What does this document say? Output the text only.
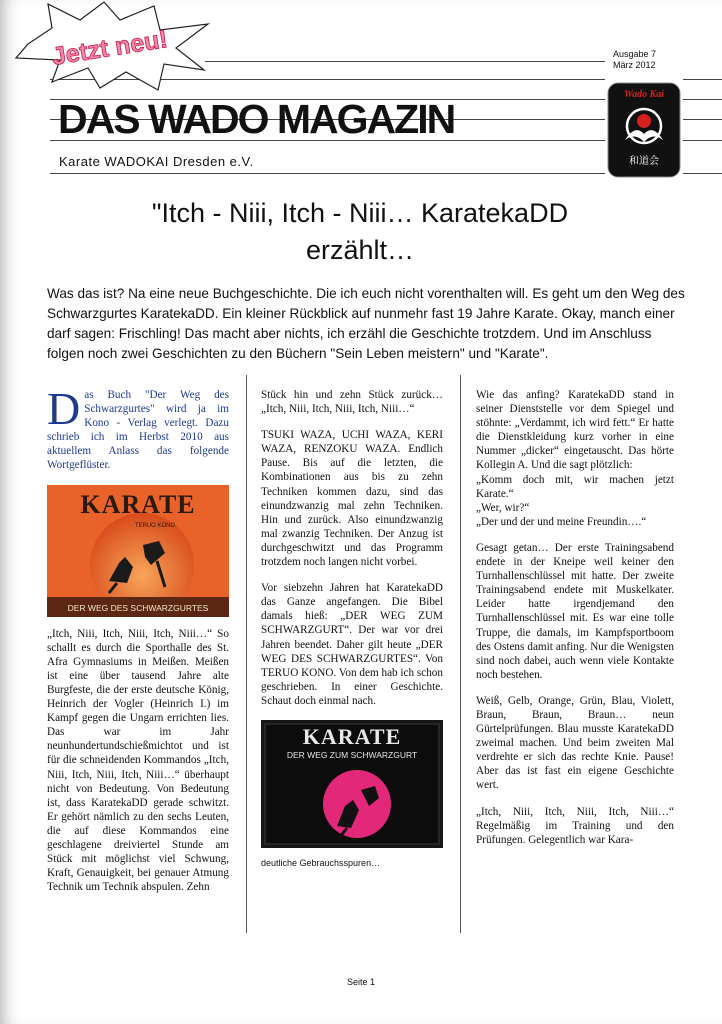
Jetzt neu!	Ausgabe 7
März 2012
DAS WADO MAGAZIN
Karate WADOKAI Dresden e.V.
Wado Kai
和道会
"Itch - Niii, Itch - Niii… KaratekaDD
erzählt…
Was das ist? Na eine neue Buchgeschichte. Die ich euch nicht vorenthalten will. Es geht um den Weg des Schwarzgurtes KaratekaDD. Ein kleiner Rückblick auf nunmehr fast 19 Jahre Karate. Okay, manch einer darf sagen: Frischling! Das macht aber nichts, ich erzähl die Geschichte trotzdem. Und im Anschluss folgen noch zwei Geschichten zu den Büchern "Sein Leben meistern" und "Karate".

Das Buch "Der Weg des Schwarzgurtes" wird ja im Kono - Verlag verlegt. Dazu schrieb ich im Herbst 2010 aus aktuellem Anlass das folgende Wortgeflüster.

KARATE
TERUO KONO
DER WEG DES SCHWARZGURTES

„Itch, Niii, Itch, Niii, Itch, Niii…“ So schallt es durch die Sporthalle des St. Afra Gymnasiums in Meißen. Meißen ist eine über tausend Jahre alte Burgfeste, die der erste deutsche König, Heinrich der Vogler (Heinrich I.) im Kampf gegen die Ungarn errichten lies. Das war im Jahr neunhundertundschießmichtot und ist für die schneidenden Kommandos „Itch, Niii, Itch, Niii, Itch, Niii…“ überhaupt nicht von Bedeutung. Von Bedeutung ist, dass KaratekaDD gerade schwitzt. Er gehört nämlich zu den sechs Leuten, die auf diese Kommandos eine geschlagene dreiviertel Stunde am Stück mit möglichst viel Schwung, Kraft, Genauigkeit, bei genauer Atmung Technik um Technik abspulen. Zehn

Stück hin und zehn Stück zurück… „Itch, Niii, Itch, Niii, Itch, Niii…“

TSUKI WAZA, UCHI WAZA, KERI WAZA, RENZOKU WAZA. Endlich Pause. Bis auf die letzten, die Kombinationen aus bis zu zehn Techniken kommen dazu, sind das einundzwanzig mal zehn Techniken. Hin und zurück. Also einundzwanzig mal zwanzig Techniken. Der Anzug ist durchgeschwitzt und das Programm trotzdem noch langen nicht vorbei.

Vor siebzehn Jahren hat KaratekaDD das Ganze angefangen. Die Bibel damals hieß: „DER WEG ZUM SCHWARZGURT“. Der war vor drei Jahren beendet. Daher gilt heute „DER WEG DES SCHWARZGURTES“. Von TERUO KONO. Von dem hab ich schon geschrieben. In einer Geschichte. Schaut doch einmal nach.

KARATE
DER WEG ZUM SCHWARZGURT
deutliche Gebrauchsspuren…

Wie das anfing? KaratekaDD stand in seiner Dienststelle vor dem Spiegel und stöhnte: „Verdammt, ich wird fett.“ Er hatte die Dienstkleidung kurz vorher in eine Nummer „dicker“ eingetauscht. Das hörte Kollegin A. Und die sagt plötzlich:

„Komm doch mit, wir machen jetzt Karate.“

„Wer, wir?“

„Der und der und meine Freundin….“

Gesagt getan… Der erste Trainingsabend endete in der Kneipe weil keiner den Turnhallenschlüssel mit hatte. Der zweite Trainingsabend endete mit Muskelkater. Leider hatte irgendjemand den Turnhallenschlüssel mit. Es war eine tolle Truppe, die damals, im Kampfsportboom des Ostens damit anfing. Nur die Wenigsten sind noch dabei, auch wenn viele Kontakte noch bestehen.

Weiß, Gelb, Orange, Grün, Blau, Violett, Braun, Braun, Braun… neun Gürtelprüfungen. Blau musste KaratekaDD zweimal machen. Und beim zweiten Mal verdrehte er sich das rechte Knie. Pause! Aber das ist fast ein eigene Geschichte wert.

„Itch, Niii, Itch, Niii, Itch, Niii…“ Regelmäßig im Training und den Prüfungen. Gelegentlich war Kara-

Seite 1
